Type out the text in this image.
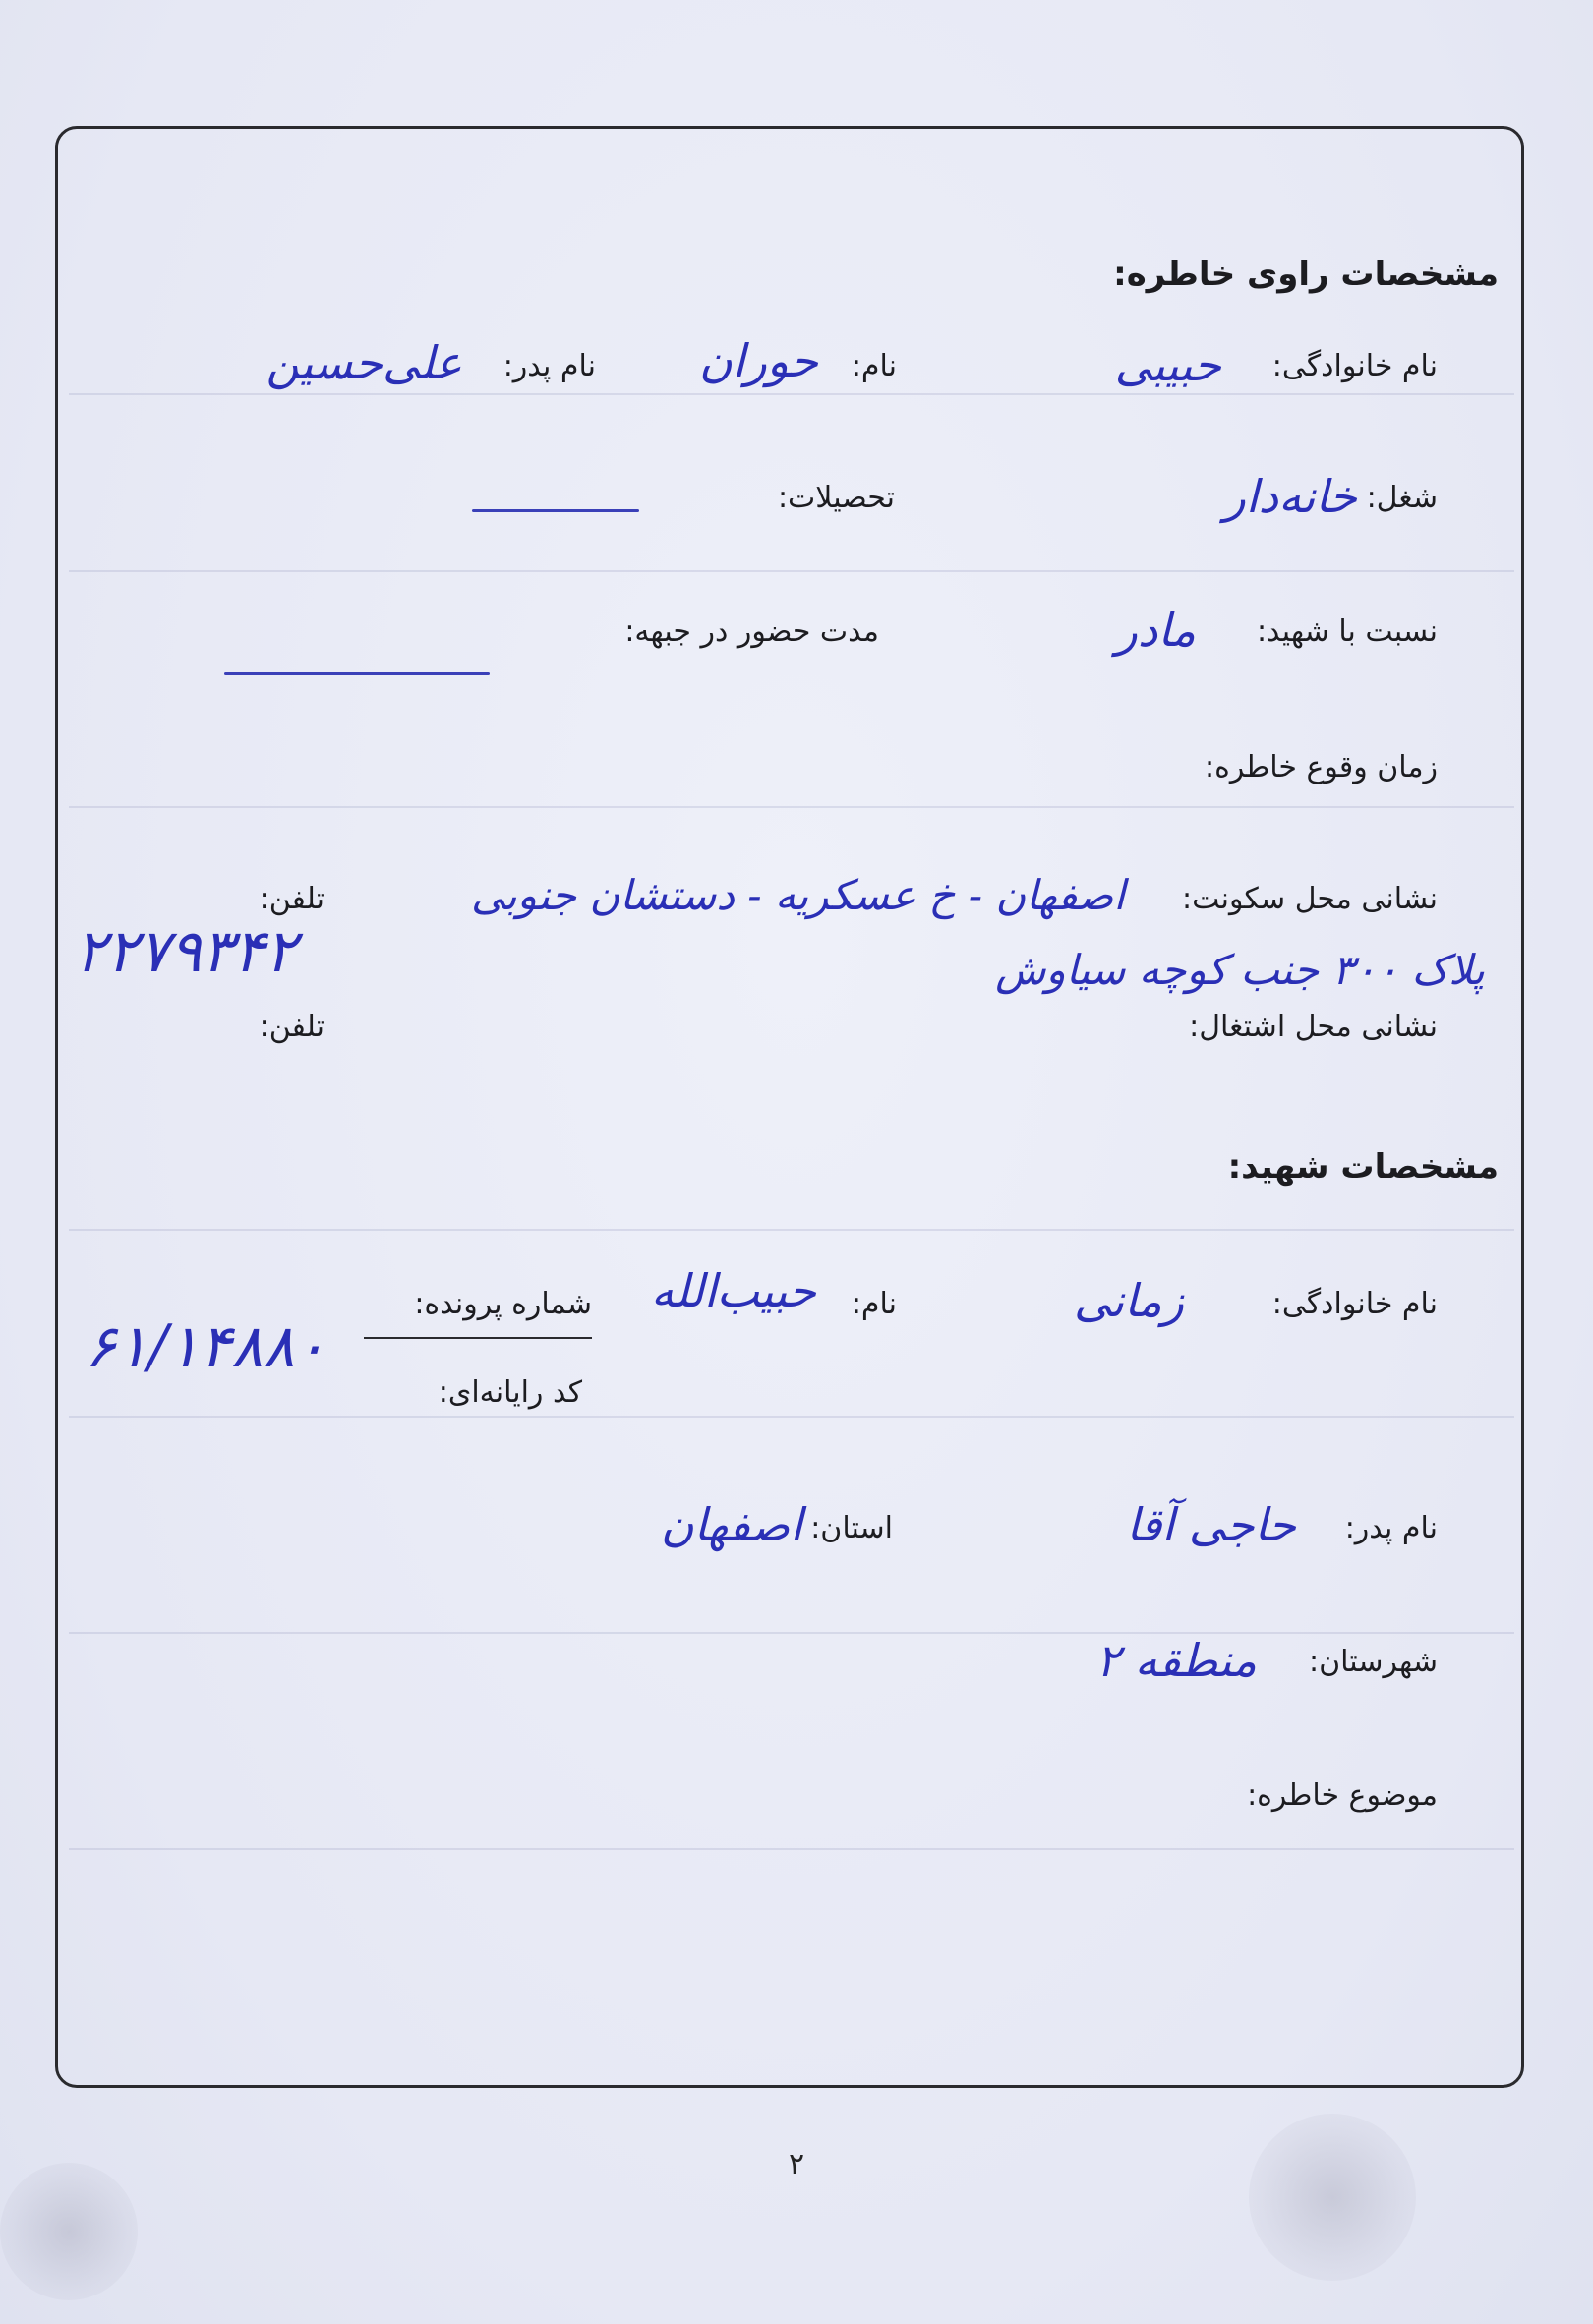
مشخصات راوی خاطره:
نام خانوادگی:
حبیبی
نام:
حوران
نام پدر:
علی‌حسین
شغل:
خانه‌دار
تحصیلات:
نسبت با شهید:
مادر
مدت حضور در جبهه:
زمان وقوع خاطره:
نشانی محل سکونت:
اصفهان - خ عسکریه - دستشان جنوبی
پلاک ۳۰۰ جنب کوچه سیاوش
تلفن:
۲۲۷۹۳۴۲
نشانی محل اشتغال:
تلفن:
مشخصات شهید:
نام خانوادگی:
زمانی
نام:
حبیب‌الله
شماره پرونده:
۶۱/۱۴۸۸۰
کد رایانه‌ای:
نام پدر:
حاجی آقا
استان:
اصفهان
شهرستان:
منطقه ۲
موضوع خاطره:
۲
